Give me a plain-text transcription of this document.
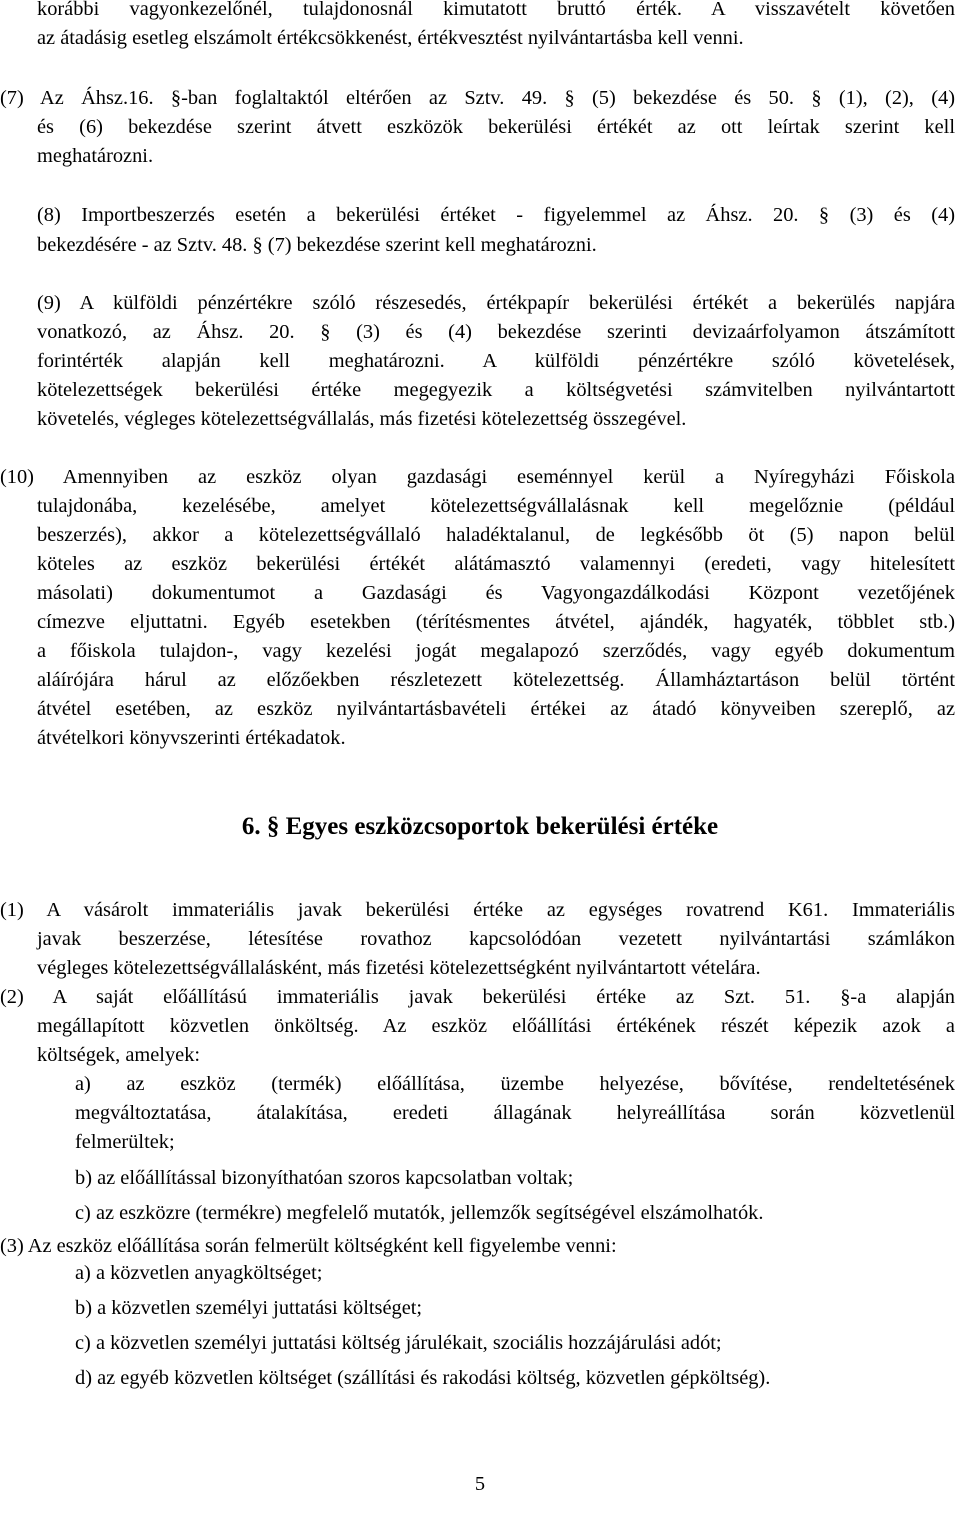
korábbi vagyonkezelőnél, tulajdonosnál kimutatott bruttó érték. A visszavételt követően

az átadásig esetleg elszámolt értékcsökkenést, értékvesztést nyilvántartásba kell venni.

(7) Az Áhsz.16. §-ban foglaltaktól eltérően az Sztv. 49. § (5) bekezdése és 50. § (1), (2), (4)

és (6) bekezdése szerint átvett eszközök bekerülési értékét az ott leírtak szerint kell

meghatározni.

(8) Importbeszerzés esetén a bekerülési értéket - figyelemmel az Áhsz. 20. § (3) és (4)

bekezdésére - az Sztv. 48. § (7) bekezdése szerint kell meghatározni.

(9) A külföldi pénzértékre szóló részesedés, értékpapír bekerülési értékét a bekerülés napjára

vonatkozó, az Áhsz. 20. § (3) és (4) bekezdése szerinti devizaárfolyamon átszámított

forintérték alapján kell meghatározni. A külföldi pénzértékre szóló követelések,

kötelezettségek bekerülési értéke megegyezik a költségvetési számvitelben nyilvántartott

követelés, végleges kötelezettségvállalás, más fizetési kötelezettség összegével.

(10) Amennyiben az eszköz olyan gazdasági eseménnyel kerül a Nyíregyházi Főiskola

tulajdonába, kezelésébe, amelyet kötelezettségvállalásnak kell megelőznie (például

beszerzés), akkor a kötelezettségvállaló haladéktalanul, de legkésőbb öt (5) napon belül

köteles az eszköz bekerülési értékét alátámasztó valamennyi (eredeti, vagy hitelesített

másolati) dokumentumot a Gazdasági és Vagyongazdálkodási Központ vezetőjének

címezve eljuttatni. Egyéb esetekben (térítésmentes átvétel, ajándék, hagyaték, többlet stb.)

a főiskola tulajdon-, vagy kezelési jogát megalapozó szerződés, vagy egyéb dokumentum

aláírójára hárul az előzőekben részletezett kötelezettség. Államháztartáson belül történt

átvétel esetében, az eszköz nyilvántartásbavételi értékei az átadó könyveiben szereplő, az

átvételkori könyvszerinti értékadatok.

6. § Egyes eszközcsoportok bekerülési értéke

(1) A vásárolt immateriális javak bekerülési értéke az egységes rovatrend K61. Immateriális

javak beszerzése, létesítése rovathoz kapcsolódóan vezetett nyilvántartási számlákon

végleges kötelezettségvállalásként, más fizetési kötelezettségként nyilvántartott vételára.

(2) A saját előállítású immateriális javak bekerülési értéke az Szt. 51. §-a alapján

megállapított közvetlen önköltség. Az eszköz előállítási értékének részét képezik azok a

költségek, amelyek:

a) az eszköz (termék) előállítása, üzembe helyezése, bővítése, rendeltetésének

megváltoztatása, átalakítása, eredeti állagának helyreállítása során közvetlenül

felmerültek;

b) az előállítással bizonyíthatóan szoros kapcsolatban voltak;

c) az eszközre (termékre) megfelelő mutatók, jellemzők segítségével elszámolhatók.

(3) Az eszköz előállítása során felmerült költségként kell figyelembe venni:

a) a közvetlen anyagköltséget;

b) a közvetlen személyi juttatási költséget;

c) a közvetlen személyi juttatási költség járulékait, szociális hozzájárulási adót;

d) az egyéb közvetlen költséget (szállítási és rakodási költség, közvetlen gépköltség).

5
